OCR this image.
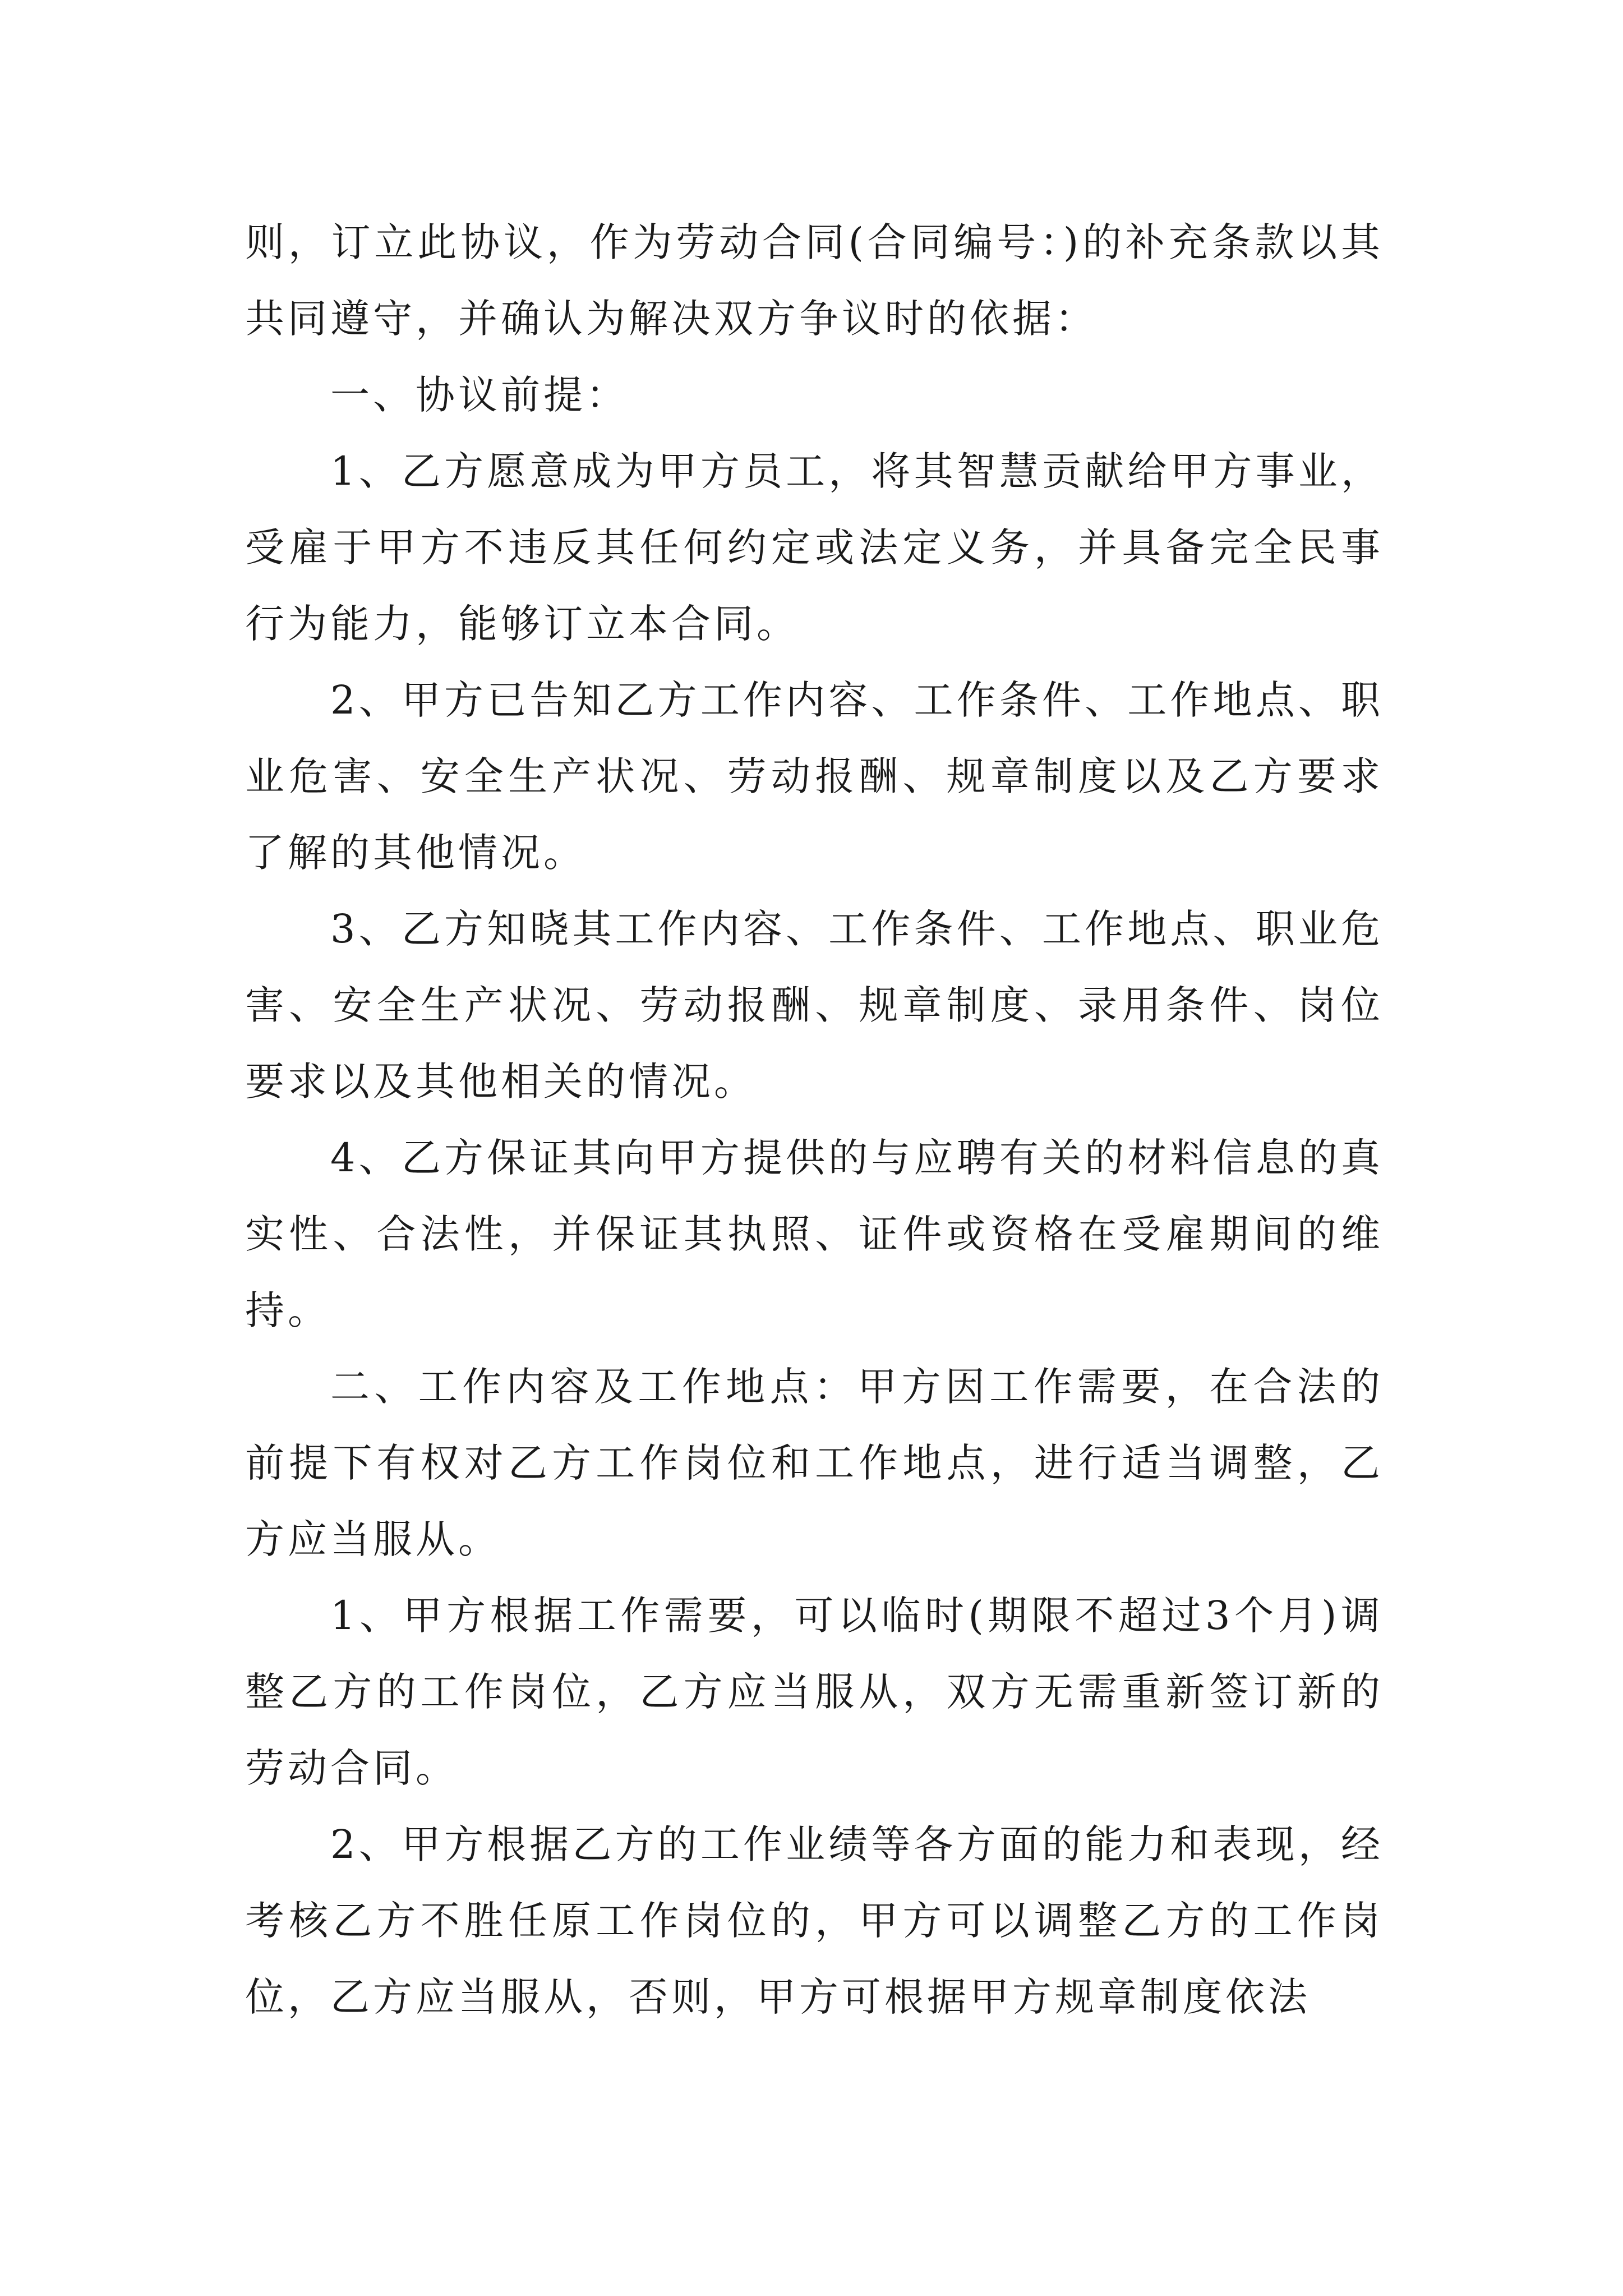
则，订立此协议，作为劳动合同(合同编号：)的补充条款以其共同遵守，并确认为解决双方争议时的依据：

一、协议前提：

1、乙方愿意成为甲方员工，将其智慧贡献给甲方事业，受雇于甲方不违反其任何约定或法定义务，并具备完全民事行为能力，能够订立本合同。

2、甲方已告知乙方工作内容、工作条件、工作地点、职业危害、安全生产状况、劳动报酬、规章制度以及乙方要求了解的其他情况。

3、乙方知晓其工作内容、工作条件、工作地点、职业危害、安全生产状况、劳动报酬、规章制度、录用条件、岗位要求以及其他相关的情况。

4、乙方保证其向甲方提供的与应聘有关的材料信息的真实性、合法性，并保证其执照、证件或资格在受雇期间的维持。

二、工作内容及工作地点：甲方因工作需要，在合法的前提下有权对乙方工作岗位和工作地点，进行适当调整，乙方应当服从。

1、甲方根据工作需要，可以临时(期限不超过3个月)调整乙方的工作岗位，乙方应当服从，双方无需重新签订新的劳动合同。

2、甲方根据乙方的工作业绩等各方面的能力和表现，经考核乙方不胜任原工作岗位的，甲方可以调整乙方的工作岗位，乙方应当服从，否则，甲方可根据甲方规章制度依法
